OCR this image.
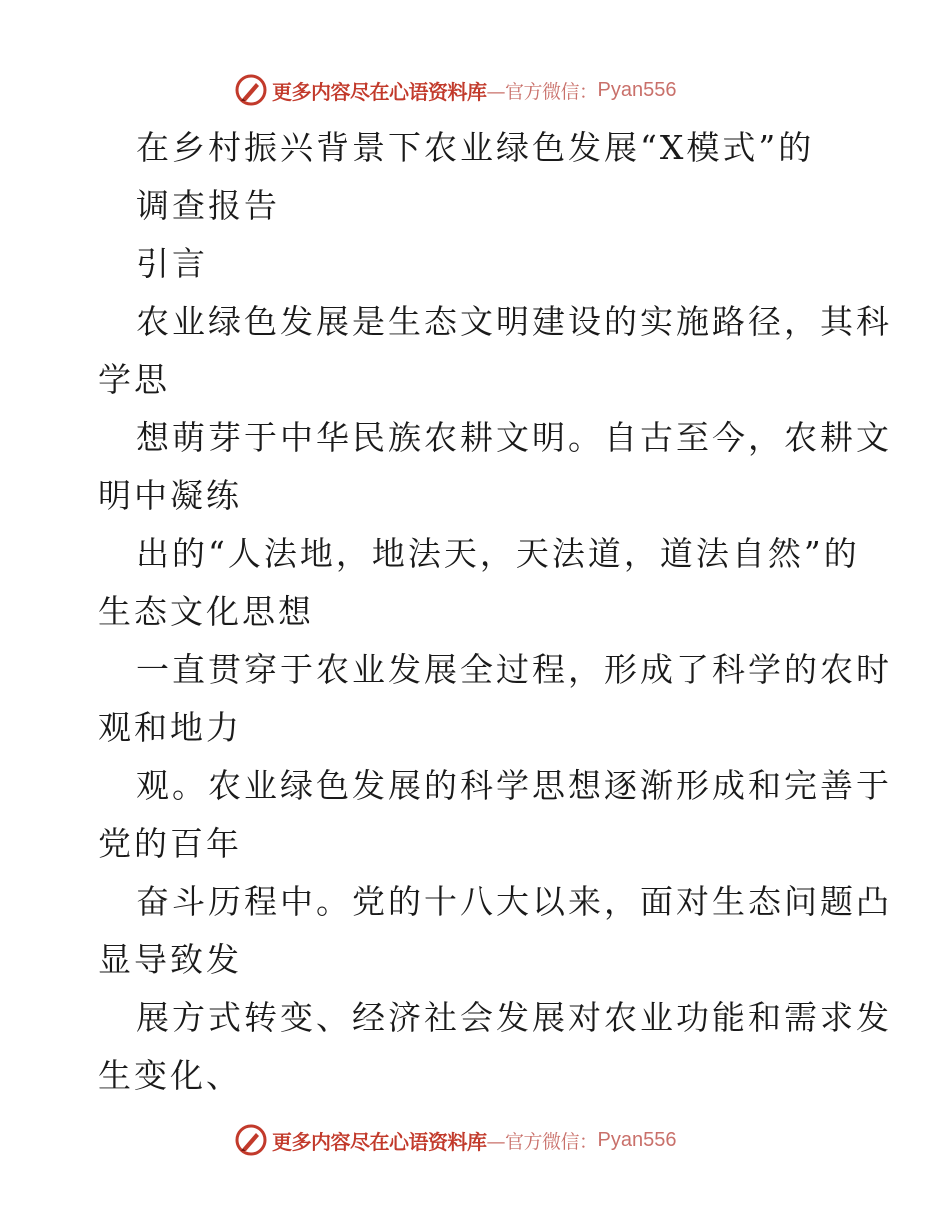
更多内容尽在心语资料库 —官方微信： Pyan556
在乡村振兴背景下农业绿色发展“X模式”的
调查报告
引言
农业绿色发展是生态文明建设的实施路径，其科
学思
想萌芽于中华民族农耕文明。自古至今，农耕文
明中凝练
出的“人法地，地法天，天法道，道法自然”的
生态文化思想
一直贯穿于农业发展全过程，形成了科学的农时
观和地力
观。农业绿色发展的科学思想逐渐形成和完善于
党的百年
奋斗历程中。党的十八大以来，面对生态问题凸
显导致发
展方式转变、经济社会发展对农业功能和需求发
生变化、
更多内容尽在心语资料库 —官方微信： Pyan556
